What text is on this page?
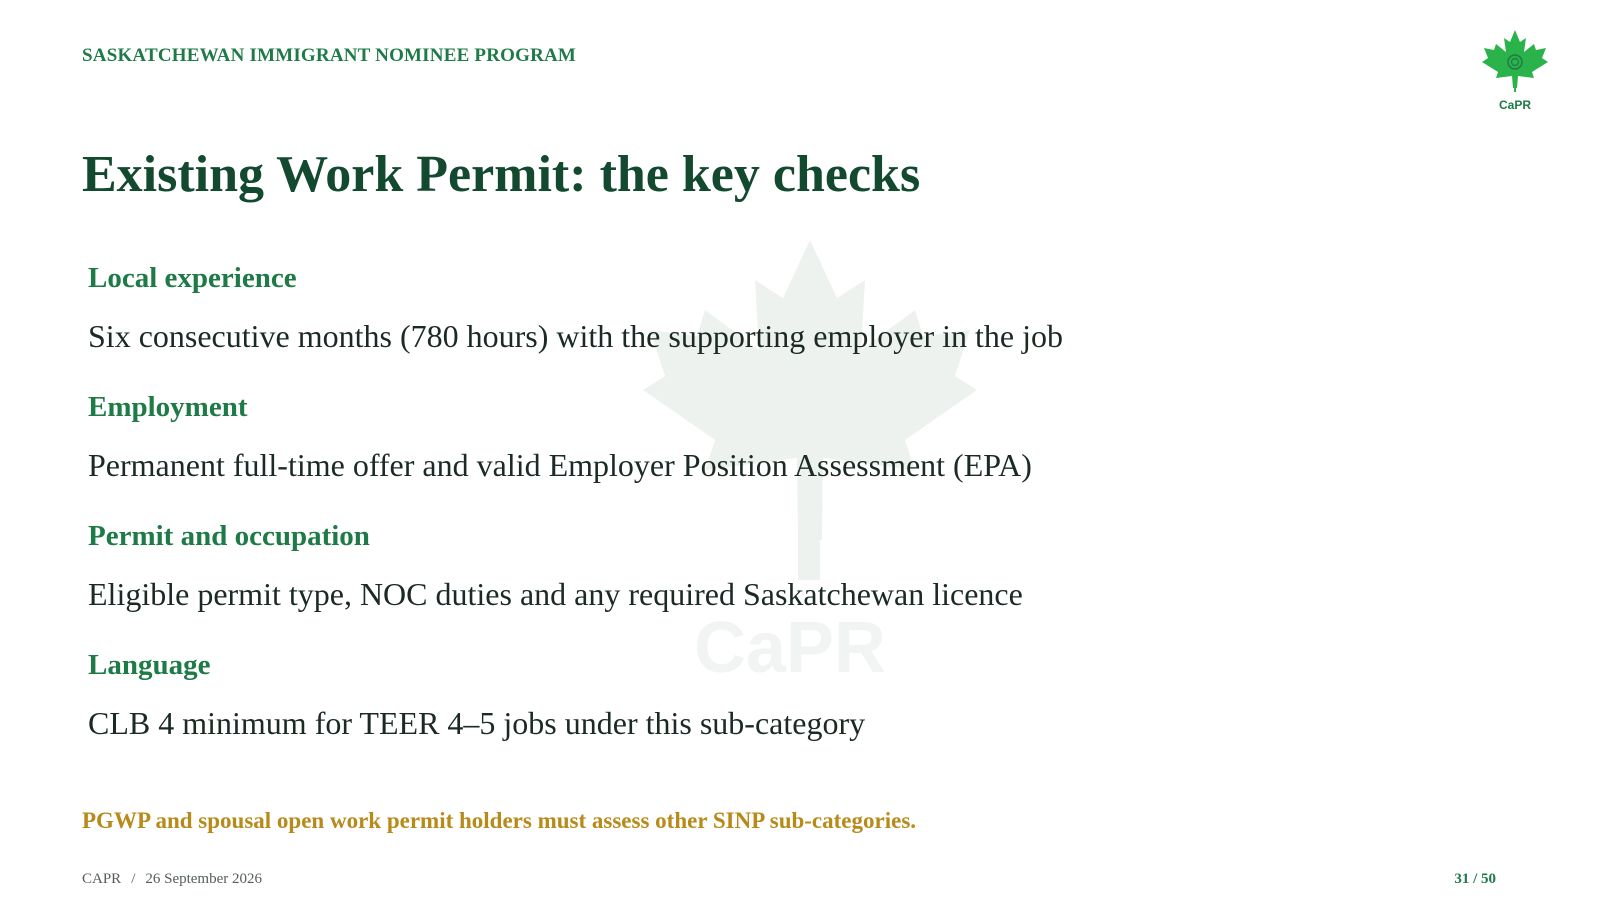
SASKATCHEWAN IMMIGRANT NOMINEE PROGRAM
CaPR
CaPR
Existing Work Permit: the key checks
Local experience
Six consecutive months (780 hours) with the supporting employer in the job
Employment
Permanent full-time offer and valid Employer Position Assessment (EPA)
Permit and occupation
Eligible permit type, NOC duties and any required Saskatchewan licence
Language
CLB 4 minimum for TEER 4–5 jobs under this sub-category
PGWP and spousal open work permit holders must assess other SINP sub-categories.
CAPR / 26 September 2026	31 / 50
